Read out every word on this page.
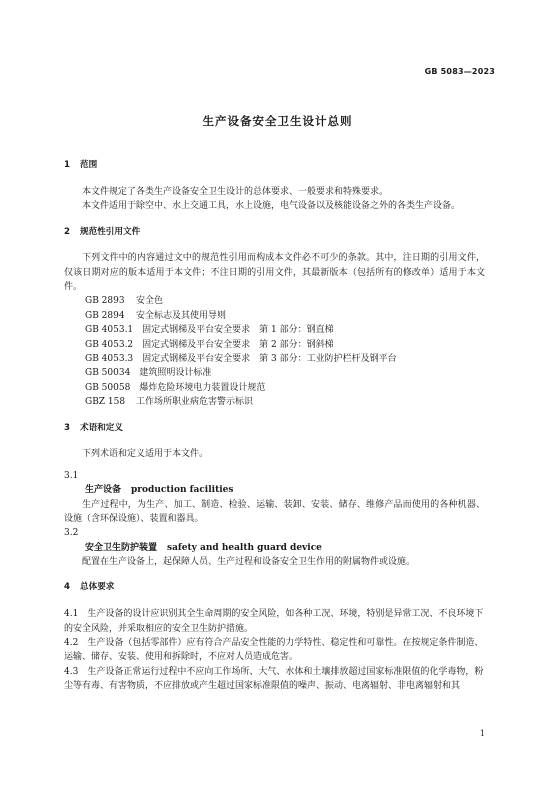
GB 5083—2023
生产设备安全卫生设计总则
1 范围

本文件规定了各类生产设备安全卫生设计的总体要求、一般要求和特殊要求。

本文件适用于除空中、水上交通工具，水上设施，电气设备以及核能设备之外的各类生产设备。

2 规范性引用文件

下列文件中的内容通过文中的规范性引用而构成本文件必不可少的条款。其中，注日期的引用文件，仅该日期对应的版本适用于本文件；不注日期的引用文件，其最新版本（包括所有的修改单）适用于本文件。

GB 2893　 安全色

GB 2894　 安全标志及其使用导则

GB 4053.1　 固定式钢梯及平台安全要求　第 1 部分：钢直梯

GB 4053.2　 固定式钢梯及平台安全要求　第 2 部分：钢斜梯

GB 4053.3　 固定式钢梯及平台安全要求　第 3 部分：工业防护栏杆及钢平台

GB 50034　 建筑照明设计标准

GB 50058　 爆炸危险环境电力装置设计规范

GBZ 158　 工作场所职业病危害警示标识

3 术语和定义

下列术语和定义适用于本文件。

3.1

生产设备 production facilities

生产过程中，为生产、加工、制造、检验、运输、装卸、安装、储存、维修产品而使用的各种机器、设施（含环保设施）、装置和器具。

3.2

安全卫生防护装置 safety and health guard device

配置在生产设备上，起保障人员、生产过程和设备安全卫生作用的附属物件或设施。

4 总体要求

4.1　 生产设备的设计应识别其全生命周期的安全风险，如各种工况、环境，特别是异常工况、不良环境下的安全风险，并采取相应的安全卫生防护措施。

4.2　 生产设备（包括零部件）应有符合产品安全性能的力学特性、稳定性和可靠性。在按规定条件制造、运输、储存、安装、使用和拆除时，不应对人员造成危害。

4.3　 生产设备正常运行过程中不应向工作场所、大气、水体和土壤排放超过国家标准限值的化学毒物，粉尘等有毒、有害物质，不应排放或产生超过国家标准限值的噪声、振动、电离辐射、非电离辐射和其

1
